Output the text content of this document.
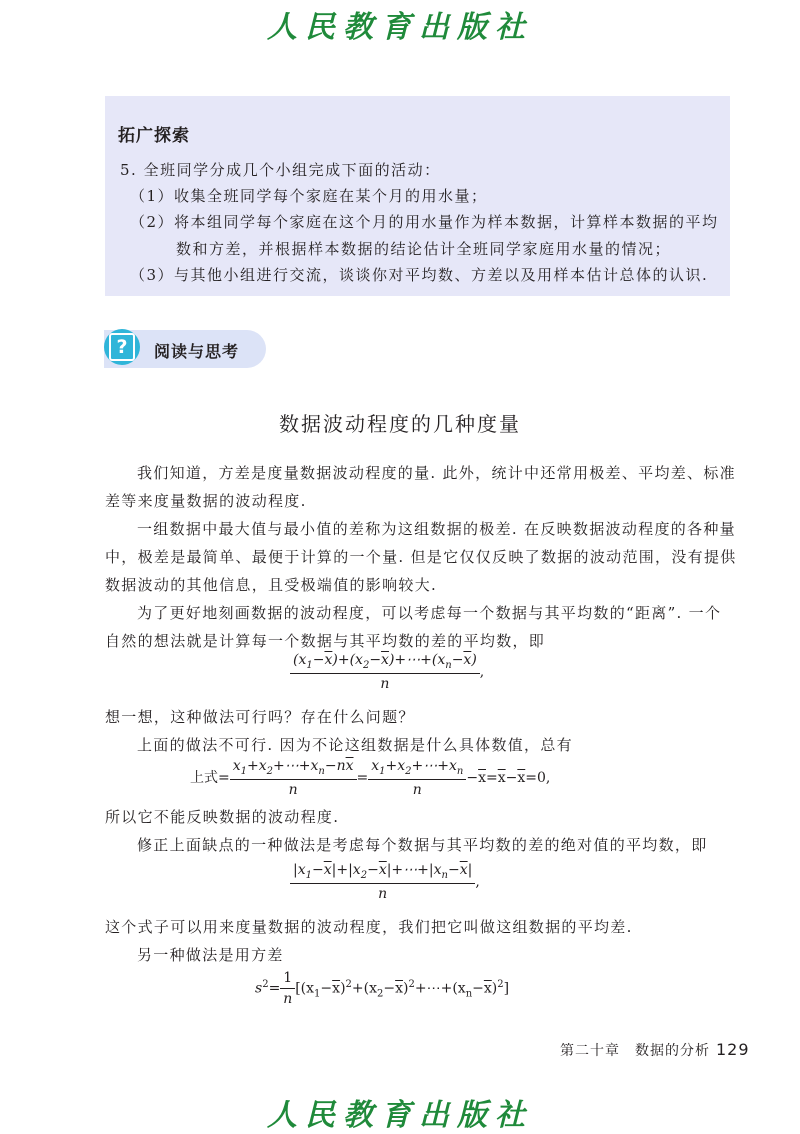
人民教育出版社
拓广探索
5. 全班同学分成几个小组完成下面的活动：
（1）收集全班同学每个家庭在某个月的用水量；
（2）将本组同学每个家庭在这个月的用水量作为样本数据，计算样本数据的平均
数和方差，并根据样本数据的结论估计全班同学家庭用水量的情况；
（3）与其他小组进行交流，谈谈你对平均数、方差以及用样本估计总体的认识.
?	阅读与思考
数据波动程度的几种度量
我们知道，方差是度量数据波动程度的量. 此外，统计中还常用极差、平均差、标准
差等来度量数据的波动程度.
一组数据中最大值与最小值的差称为这组数据的极差. 在反映数据波动程度的各种量
中，极差是最简单、最便于计算的一个量. 但是它仅仅反映了数据的波动范围，没有提供
数据波动的其他信息，且受极端值的影响较大.
为了更好地刻画数据的波动程度，可以考虑每一个数据与其平均数的“距离”. 一个
自然的想法就是计算每一个数据与其平均数的差的平均数，即
$\frac{(x_1-\overline{x})+(x_2-\overline{x})+\cdots+(x_n-\overline{x})}{n}$ ,
想一想，这种做法可行吗？存在什么问题？
上面的做法不可行. 因为不论这组数据是什么具体数值，总有
上式= $\frac{x_1+x_2+\cdots+x_n-n\overline{x}}{n} = \frac{x_1+x_2+\cdots+x_n}{n} -\overline{x}=\overline{x}-\overline{x}=0$,
所以它不能反映数据的波动程度.
修正上面缺点的一种做法是考虑每个数据与其平均数的差的绝对值的平均数，即
$\frac{|x_1-\overline{x}|+|x_2-\overline{x}|+\cdots+|x_n-\overline{x}|}{n}$ ,
这个式子可以用来度量数据的波动程度，我们把它叫做这组数据的平均差.
另一种做法是用方差
$s^2= \frac{1}{n}$ $[(x_1-\overline{x})^2+(x_2-\overline{x})^2+\cdots+(x_n-\overline{x})^2]$
第二十章　数据的分析 129
人民教育出版社
